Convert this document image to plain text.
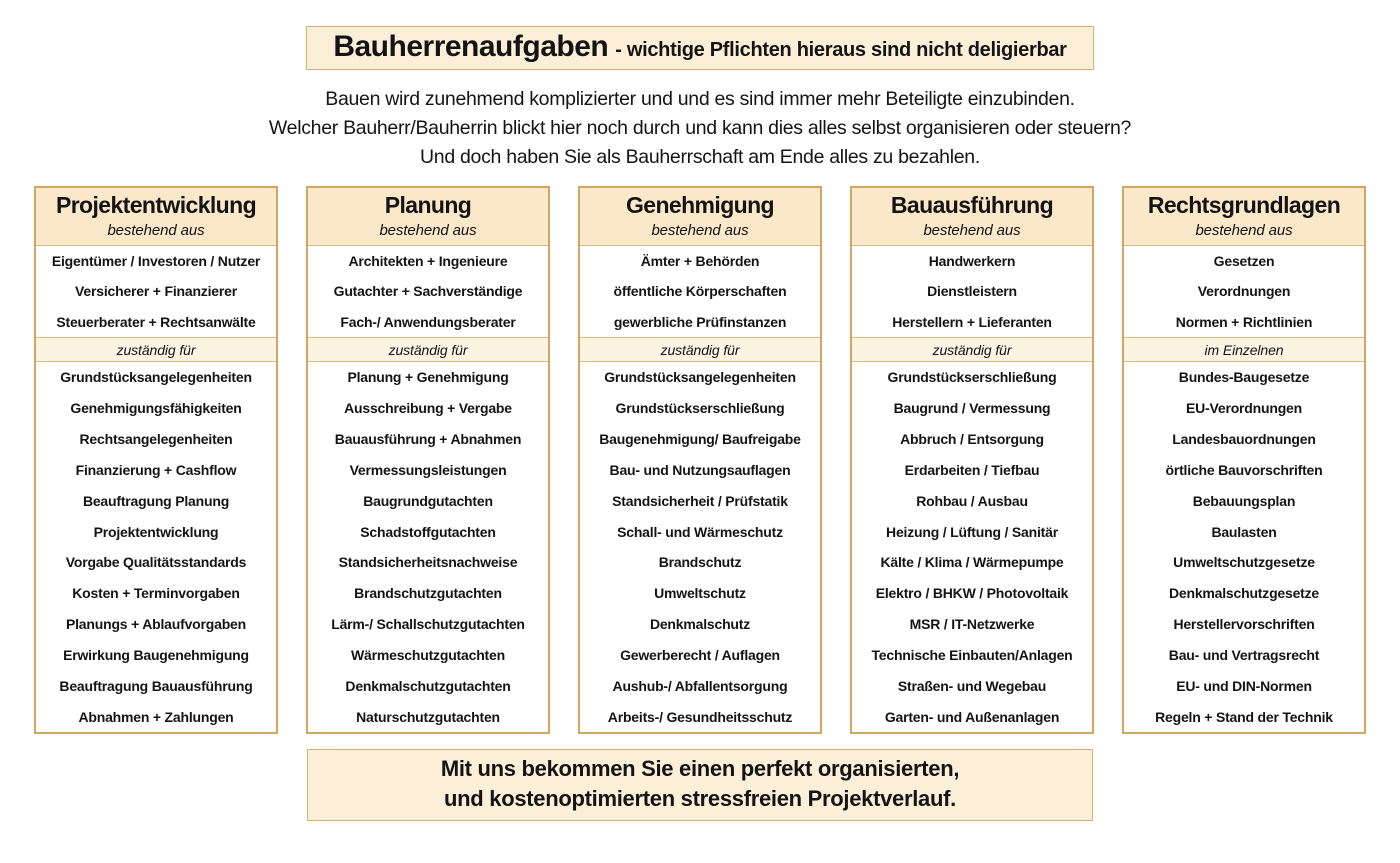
Bauherrenaufgaben - wichtige Pflichten hieraus sind nicht deligierbar
Bauen wird zunehmend komplizierter und und es sind immer mehr Beteiligte einzubinden.
Welcher Bauherr/Bauherrin blickt hier noch durch und kann dies alles selbst organisieren oder steuern?
Und doch haben Sie als Bauherrschaft am Ende alles zu bezahlen.
Projektentwicklung
bestehend aus
Eigentümer / Investoren / Nutzer
Versicherer + Finanzierer
Steuerberater + Rechtsanwälte
zuständig für
Grundstücksangelegenheiten
Genehmigungsfähigkeiten
Rechtsangelegenheiten
Finanzierung + Cashflow
Beauftragung Planung
Projektentwicklung
Vorgabe Qualitätsstandards
Kosten + Terminvorgaben
Planungs + Ablaufvorgaben
Erwirkung Baugenehmigung
Beauftragung Bauausführung
Abnahmen + Zahlungen
Planung
bestehend aus
Architekten + Ingenieure
Gutachter + Sachverständige
Fach-/ Anwendungsberater
zuständig für
Planung + Genehmigung
Ausschreibung + Vergabe
Bauausführung + Abnahmen
Vermessungsleistungen
Baugrundgutachten
Schadstoffgutachten
Standsicherheitsnachweise
Brandschutzgutachten
Lärm-/ Schallschutzgutachten
Wärmeschutzgutachten
Denkmalschutzgutachten
Naturschutzgutachten
Genehmigung
bestehend aus
Ämter + Behörden
öffentliche Körperschaften
gewerbliche Prüfinstanzen
zuständig für
Grundstücksangelegenheiten
Grundstückserschließung
Baugenehmigung/ Baufreigabe
Bau- und Nutzungsauflagen
Standsicherheit / Prüfstatik
Schall- und Wärmeschutz
Brandschutz
Umweltschutz
Denkmalschutz
Gewerberecht / Auflagen
Aushub-/ Abfallentsorgung
Arbeits-/ Gesundheitsschutz
Bauausführung
bestehend aus
Handwerkern
Dienstleistern
Herstellern + Lieferanten
zuständig für
Grundstückserschließung
Baugrund / Vermessung
Abbruch / Entsorgung
Erdarbeiten / Tiefbau
Rohbau / Ausbau
Heizung / Lüftung / Sanitär
Kälte / Klima / Wärmepumpe
Elektro / BHKW / Photovoltaik
MSR / IT-Netzwerke
Technische Einbauten/Anlagen
Straßen- und Wegebau
Garten- und Außenanlagen
Rechtsgrundlagen
bestehend aus
Gesetzen
Verordnungen
Normen + Richtlinien
im Einzelnen
Bundes-Baugesetze
EU-Verordnungen
Landesbauordnungen
örtliche Bauvorschriften
Bebauungsplan
Baulasten
Umweltschutzgesetze
Denkmalschutzgesetze
Herstellervorschriften
Bau- und Vertragsrecht
EU- und DIN-Normen
Regeln + Stand der Technik
Mit uns bekommen Sie einen perfekt organisierten,
und kostenoptimierten stressfreien Projektverlauf.
